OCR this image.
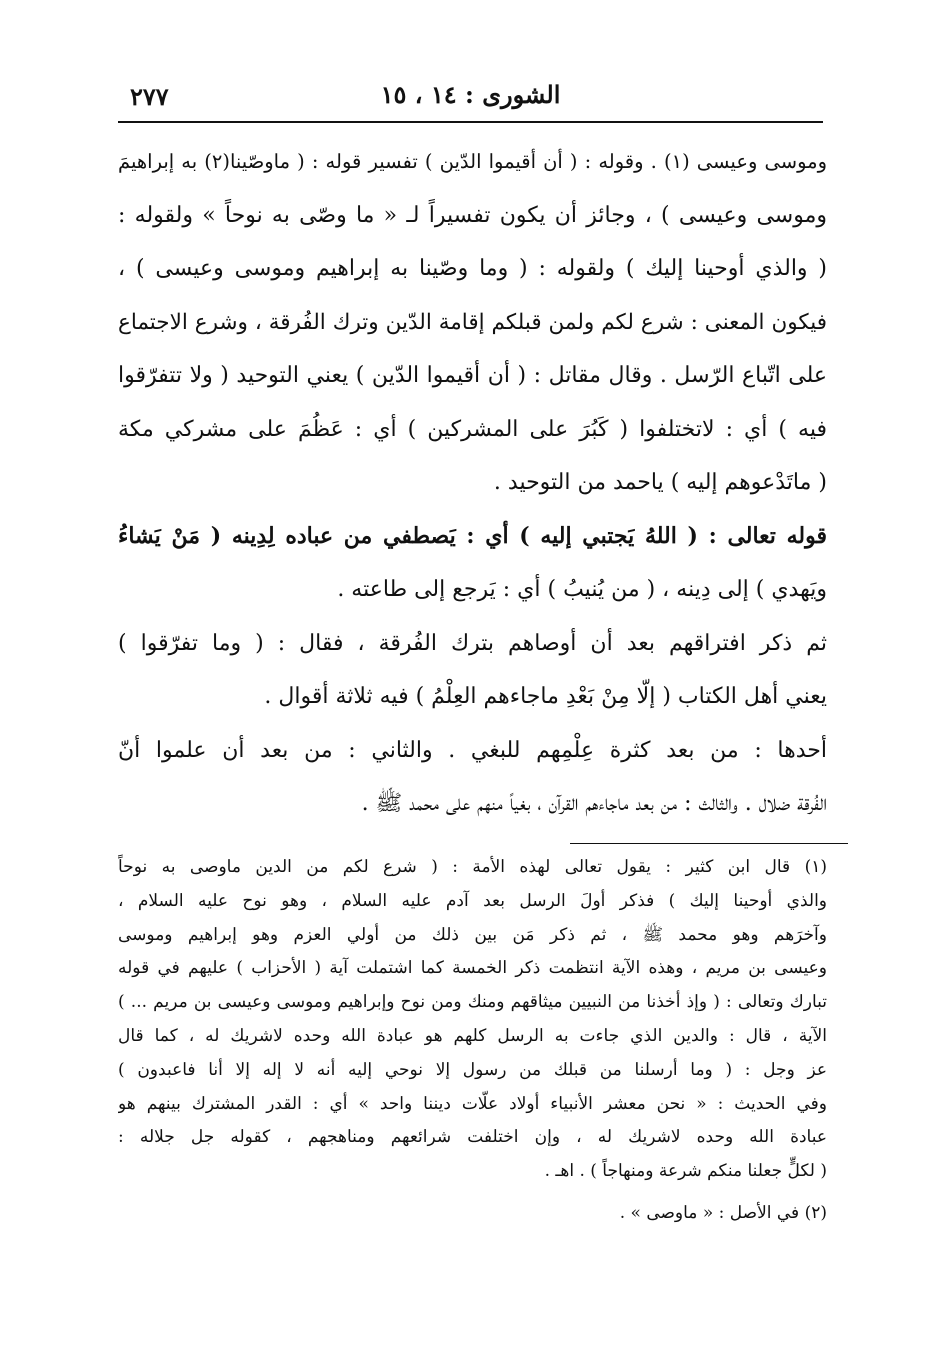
الشورى : ١٤ ، ١٥
٢٧٧
وموسى وعيسى (١) . وقوله : ( أن أقيموا الدّين ) تفسير قوله : ( ماوصّينا(٢) به إبراهيمَ
وموسى وعيسى ) ، وجائز أن يكون تفسيراً لـ « ما وصّى به نوحاً » ولقوله :
( والذي أوحينا إليك ) ولقوله : ( وما وصّينا به إبراهيم وموسى وعيسى ) ،
فيكون المعنى : شرع لكم ولمن قبلكم إقامة الدّين وترك الفُرقة ، وشرع الاجتماع
على اتّباع الرّسل . وقال مقاتل : ( أن أقيموا الدّين ) يعني التوحيد ( ولا تتفرّقوا
فيه ) أي : لاتختلفوا ( كَبُرَ على المشركين ) أي : عَظُمَ على مشركي مكة
( ماتَدْعوهم إليه ) ياحمد من التوحيد .
قوله تعالى : ( اللهُ يَجتبي إليه ) أي : يَصطفي من عباده لِدِينه ( مَنْ يَشاءُ
ويَهدي ) إلى دِينه ، ( من يُنيبُ ) أي : يَرجع إلى طاعته .
ثم ذكر افتراقهم بعد أن أوصاهم بترك الفُرقة ، فقال : ( وما تفرّقوا )
يعني أهل الكتاب ( إلّا مِنْ بَعْدِ ماجاءهم العِلْمُ ) فيه ثلاثة أقوال .
أحدها : من بعد كثرة عِلْمِهم للبغي . والثاني : من بعد أن علموا أنّ
الفُرقة ضلال . والثالث : من بعد ماجاءهم القرآن ، بغياً منهم على محمد ﷺ .
(١) قال ابن كثير : يقول تعالى لهذه الأمة : ( شرع لكم من الدين ماوصى به نوحاً
والذي أوحينا إليك ) فذكر أولَ الرسل بعد آدم عليه السلام ، وهو نوح عليه السلام ،
وآخرَهم وهو محمد ﷺ ، ثم ذكر مَن بين ذلك من أولي العزم وهو إبراهيم وموسى
وعيسى بن مريم ، وهذه الآية انتظمت ذكر الخمسة كما اشتملت آية ( الأحزاب ) عليهم في قوله
تبارك وتعالى : ( وإذ أخذنا من النبيين ميثاقهم ومنك ومن نوح وإبراهيم وموسى وعيسى بن مريم ... )
الآية ، قال : والدين الذي جاءت به الرسل كلهم هو عبادة الله وحده لاشريك له ، كما قال
عز وجل : ( وما أرسلنا من قبلك من رسول إلا نوحي إليه أنه لا إله إلا أنا فاعبدون )
وفي الحديث : « نحن معشر الأنبياء أولاد علّات ديننا واحد » أي : القدر المشترك بينهم هو
عبادة الله وحده لاشريك له ، وإن اختلفت شرائعهم ومناهجهم ، كقوله جل جلاله :
( لكلٍّ جعلنا منكم شرعة ومنهاجاً ) . اهـ .
(٢) في الأصل : « ماوصى » .
